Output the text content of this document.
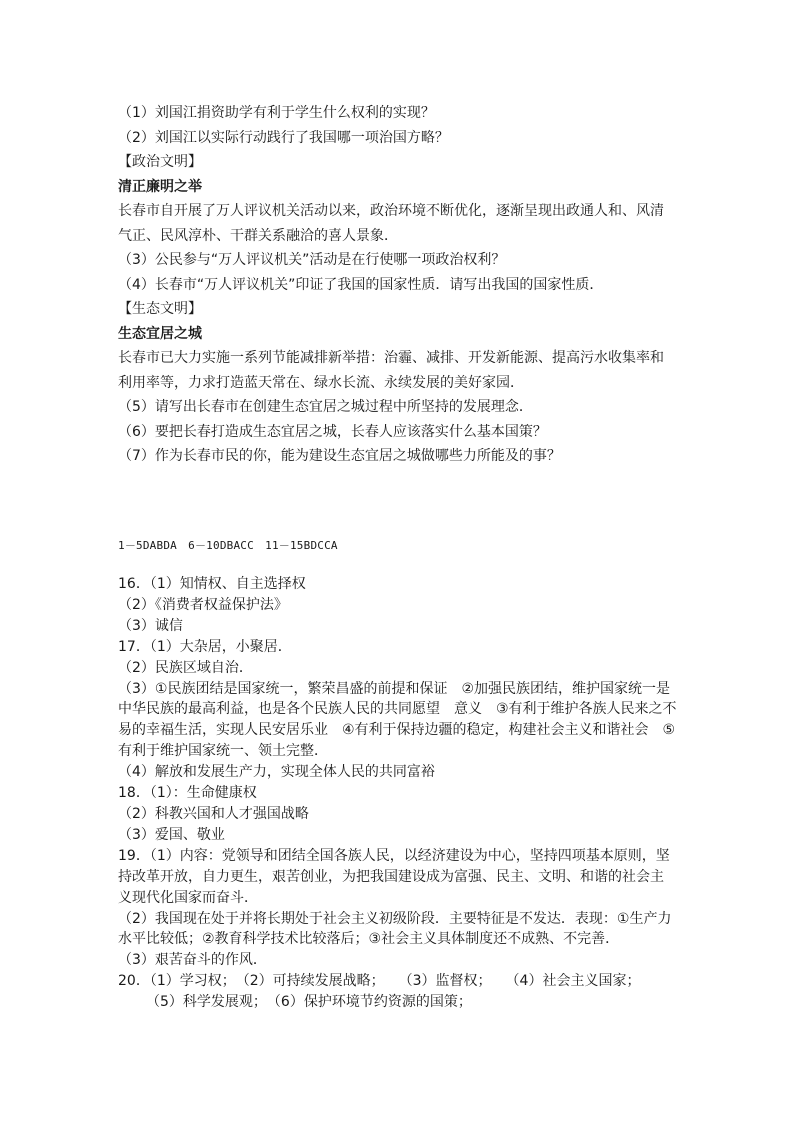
（1）刘国江捐资助学有利于学生什么权利的实现？
（2）刘国江以实际行动践行了我国哪一项治国方略？
【政治文明】
清正廉明之举
长春市自开展了万人评议机关活动以来，政治环境不断优化，逐渐呈现出政通人和、风清
气正、民风淳朴、干群关系融洽的喜人景象．
（3）公民参与“万人评议机关”活动是在行使哪一项政治权利？
（4）长春市“万人评议机关”印证了我国的国家性质．请写出我国的国家性质．
【生态文明】
生态宜居之城
长春市已大力实施一系列节能减排新举措：治霾、减排、开发新能源、提高污水收集率和
利用率等，力求打造蓝天常在、绿水长流、永续发展的美好家园．
（5）请写出长春市在创建生态宜居之城过程中所坚持的发展理念．
（6）要把长春打造成生态宜居之城，长春人应该落实什么基本国策？
（7）作为长春市民的你，能为建设生态宜居之城做哪些力所能及的事？
1－5DABDA　6－10DBACC　11－15BDCCA
16．（1）知情权、自主选择权
（2）《消费者权益保护法》
（3）诚信
17．（1）大杂居，小聚居．
（2）民族区域自治．
（3）①民族团结是国家统一，繁荣昌盛的前提和保证　②加强民族团结，维护国家统一是
中华民族的最高利益，也是各个民族人民的共同愿望　意义　③有利于维护各族人民来之不
易的幸福生活，实现人民安居乐业　④有利于保持边疆的稳定，构建社会主义和谐社会　⑤
有利于维护国家统一、领土完整．
（4）解放和发展生产力，实现全体人民的共同富裕
18．（1）：生命健康权
（2）科教兴国和人才强国战略
（3）爱国、敬业
19．（1）内容：党领导和团结全国各族人民，以经济建设为中心，坚持四项基本原则，坚
持改革开放，自力更生，艰苦创业，为把我国建设成为富强、民主、文明、和谐的社会主
义现代化国家而奋斗．
（2）我国现在处于并将长期处于社会主义初级阶段．主要特征是不发达．表现：①生产力
水平比较低；②教育科学技术比较落后；③社会主义具体制度还不成熟、不完善．
（3）艰苦奋斗的作风．
20．（1）学习权；　（2）可持续发展战略；　　（3）监督权；　　（4）社会主义国家；
（5）科学发展观；　（6）保护环境节约资源的国策；
